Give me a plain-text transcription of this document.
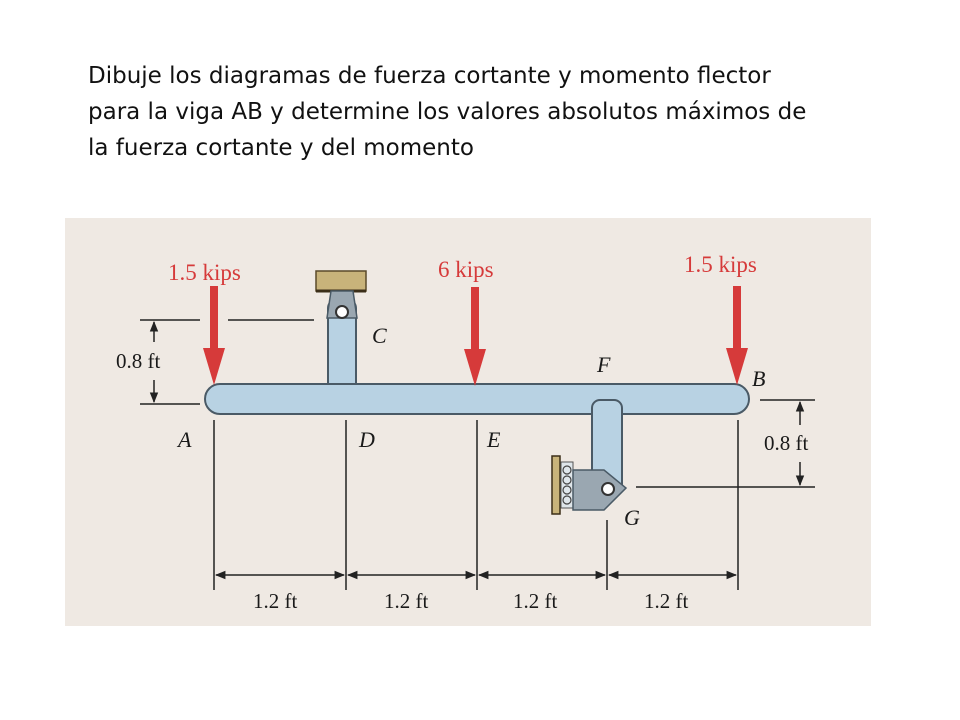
Dibuje los diagramas de fuerza cortante y momento flector
para la viga AB y determine los valores absolutos máximos de
la fuerza cortante y del momento
1.5 kips	6 kips	1.5 kips
C
A	D	E
F
B
G
0.8 ft
0.8 ft
1.2 ft	1.2 ft	1.2 ft	1.2 ft
